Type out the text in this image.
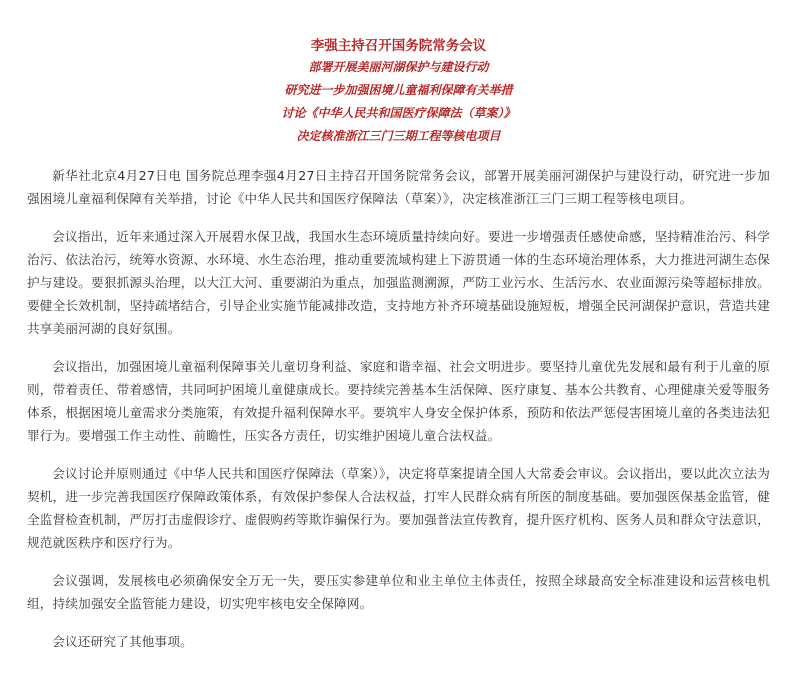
李强主持召开国务院常务会议

部署开展美丽河湖保护与建设行动

研究进一步加强困境儿童福利保障有关举措

讨论《中华人民共和国医疗保障法（草案）》

决定核准浙江三门三期工程等核电项目

新华社北京4月27日电 国务院总理李强4月27日主持召开国务院常务会议，部署开展美丽河湖保护与建设行动，研究进一步加强困境儿童福利保障有关举措，讨论《中华人民共和国医疗保障法（草案）》，决定核准浙江三门三期工程等核电项目。

会议指出，近年来通过深入开展碧水保卫战，我国水生态环境质量持续向好。要进一步增强责任感使命感，坚持精准治污、科学治污、依法治污，统筹水资源、水环境、水生态治理，推动重要流域构建上下游贯通一体的生态环境治理体系，大力推进河湖生态保护与建设。要狠抓源头治理，以大江大河、重要湖泊为重点，加强监测溯源，严防工业污水、生活污水、农业面源污染等超标排放。要健全长效机制，坚持疏堵结合，引导企业实施节能减排改造，支持地方补齐环境基础设施短板，增强全民河湖保护意识，营造共建共享美丽河湖的良好氛围。

会议指出，加强困境儿童福利保障事关儿童切身利益、家庭和谐幸福、社会文明进步。要坚持儿童优先发展和最有利于儿童的原则，带着责任、带着感情，共同呵护困境儿童健康成长。要持续完善基本生活保障、医疗康复、基本公共教育、心理健康关爱等服务体系，根据困境儿童需求分类施策，有效提升福利保障水平。要筑牢人身安全保护体系，预防和依法严惩侵害困境儿童的各类违法犯罪行为。要增强工作主动性、前瞻性，压实各方责任，切实维护困境儿童合法权益。

会议讨论并原则通过《中华人民共和国医疗保障法（草案）》，决定将草案提请全国人大常委会审议。会议指出，要以此次立法为契机，进一步完善我国医疗保障政策体系，有效保护参保人合法权益，打牢人民群众病有所医的制度基础。要加强医保基金监管，健全监督检查机制，严厉打击虚假诊疗、虚假购药等欺诈骗保行为。要加强普法宣传教育，提升医疗机构、医务人员和群众守法意识，规范就医秩序和医疗行为。

会议强调，发展核电必须确保安全万无一失，要压实参建单位和业主单位主体责任，按照全球最高安全标准建设和运营核电机组，持续加强安全监管能力建设，切实兜牢核电安全保障网。

会议还研究了其他事项。
